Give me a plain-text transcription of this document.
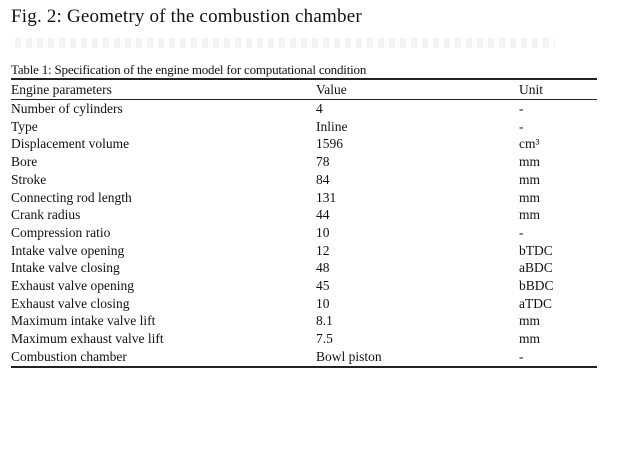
Fig. 2: Geometry of the combustion chamber
Table 1: Specification of the engine model for computational condition
Engine parameters	Value	Unit
Number of cylinders	4	-
Type	Inline	-
Displacement volume	1596	cm³
Bore	78	mm
Stroke	84	mm
Connecting rod length	131	mm
Crank radius	44	mm
Compression ratio	10	-
Intake valve opening	12	bTDC
Intake valve closing	48	aBDC
Exhaust valve opening	45	bBDC
Exhaust valve closing	10	aTDC
Maximum intake valve lift	8.1	mm
Maximum exhaust valve lift	7.5	mm
Combustion chamber	Bowl piston	-
